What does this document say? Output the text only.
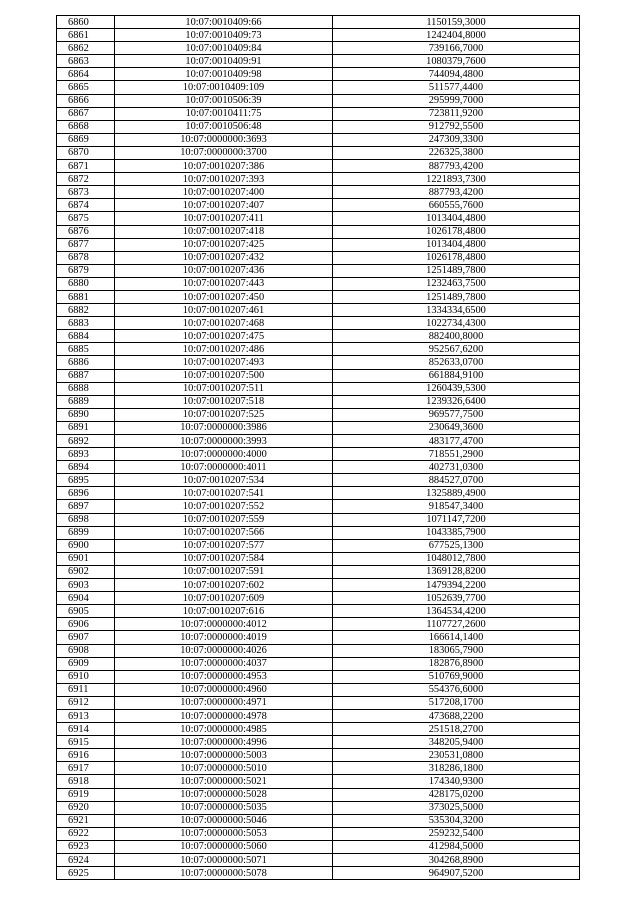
6860	10:07:0010409:66	1150159,3000
6861	10:07:0010409:73	1242404,8000
6862	10:07:0010409:84	739166,7000
6863	10:07:0010409:91	1080379,7600
6864	10:07:0010409:98	744094,4800
6865	10:07:0010409:109	511577,4400
6866	10:07:0010506:39	295999,7000
6867	10:07:0010411:75	723811,9200
6868	10:07:0010506:48	912792,5500
6869	10:07:0000000:3693	247309,3300
6870	10:07:0000000:3700	226325,3800
6871	10:07:0010207:386	887793,4200
6872	10:07:0010207:393	1221893,7300
6873	10:07:0010207:400	887793,4200
6874	10:07:0010207:407	660555,7600
6875	10:07:0010207:411	1013404,4800
6876	10:07:0010207:418	1026178,4800
6877	10:07:0010207:425	1013404,4800
6878	10:07:0010207:432	1026178,4800
6879	10:07:0010207:436	1251489,7800
6880	10:07:0010207:443	1232463,7500
6881	10:07:0010207:450	1251489,7800
6882	10:07:0010207:461	1334334,6500
6883	10:07:0010207:468	1022734,4300
6884	10:07:0010207:475	882400,8000
6885	10:07:0010207:486	952567,6200
6886	10:07:0010207:493	852633,0700
6887	10:07:0010207:500	661884,9100
6888	10:07:0010207:511	1260439,5300
6889	10:07:0010207:518	1239326,6400
6890	10:07:0010207:525	969577,7500
6891	10:07:0000000:3986	230649,3600
6892	10:07:0000000:3993	483177,4700
6893	10:07:0000000:4000	718551,2900
6894	10:07:0000000:4011	402731,0300
6895	10:07:0010207:534	884527,0700
6896	10:07:0010207:541	1325889,4900
6897	10:07:0010207:552	918547,3400
6898	10:07:0010207:559	1071147,7200
6899	10:07:0010207:566	1043385,7900
6900	10:07:0010207:577	677525,1300
6901	10:07:0010207:584	1048012,7800
6902	10:07:0010207:591	1369128,8200
6903	10:07:0010207:602	1479394,2200
6904	10:07:0010207:609	1052639,7700
6905	10:07:0010207:616	1364534,4200
6906	10:07:0000000:4012	1107727,2600
6907	10:07:0000000:4019	166614,1400
6908	10:07:0000000:4026	183065,7900
6909	10:07:0000000:4037	182876,8900
6910	10:07:0000000:4953	510769,9000
6911	10:07:0000000:4960	554376,6000
6912	10:07:0000000:4971	517208,1700
6913	10:07:0000000:4978	473688,2200
6914	10:07:0000000:4985	251518,2700
6915	10:07:0000000:4996	348205,9400
6916	10:07:0000000:5003	230531,0800
6917	10:07:0000000:5010	318286,1800
6918	10:07:0000000:5021	174340,9300
6919	10:07:0000000:5028	428175,0200
6920	10:07:0000000:5035	373025,5000
6921	10:07:0000000:5046	535304,3200
6922	10:07:0000000:5053	259232,5400
6923	10:07:0000000:5060	412984,5000
6924	10:07:0000000:5071	304268,8900
6925	10:07:0000000:5078	964907,5200
